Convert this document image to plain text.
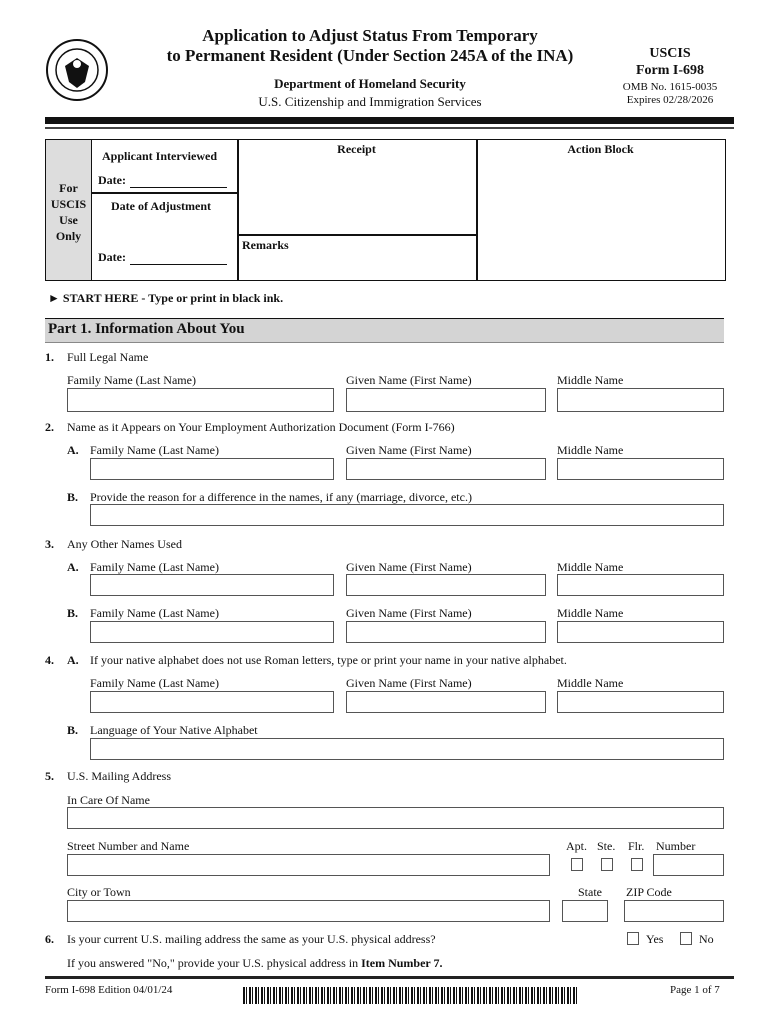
Application to Adjust Status From Temporary
to Permanent Resident (Under Section 245A of the INA)
Department of Homeland Security
U.S. Citizenship and Immigration Services
USCIS
Form I-698
OMB No. 1615-0035
Expires 02/28/2026
For
USCIS
Use
Only
Applicant Interviewed
Date:
Date of Adjustment
Date:
Receipt
Remarks
Action Block
► START HERE - Type or print in black ink.
Part 1. Information About You
1. Full Legal Name
Family Name (Last Name)	Given Name (First Name)	Middle Name
2. Name as it Appears on Your Employment Authorization Document (Form I-766)
A. Family Name (Last Name)	Given Name (First Name)	Middle Name
B. Provide the reason for a difference in the names, if any (marriage, divorce, etc.)
3. Any Other Names Used
A. Family Name (Last Name)	Given Name (First Name)	Middle Name
B. Family Name (Last Name)	Given Name (First Name)	Middle Name
4. A. If your native alphabet does not use Roman letters, type or print your name in your native alphabet.
Family Name (Last Name)	Given Name (First Name)	Middle Name
B. Language of Your Native Alphabet
5. U.S. Mailing Address
In Care Of Name
Street Number and Name	Apt. Ste. Flr. Number
City or Town	State ZIP Code
6. Is your current U.S. mailing address the same as your U.S. physical address?	Yes	No
If you answered "No," provide your U.S. physical address in Item Number 7.
Form I-698 Edition 04/01/24	Page 1 of 7
